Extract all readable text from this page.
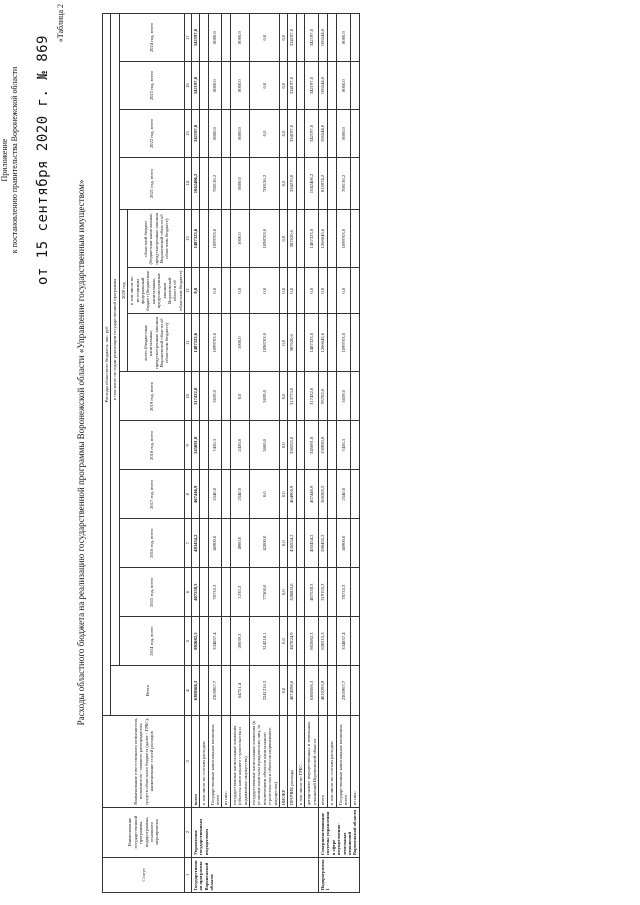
Приложение к постановлению правительства Воронежской области от 15 сентября 2020 г. № 869
«Таблица 2
Расходы областного бюджета на реализацию государственной программы Воронежской области «Управление государственным имуществом»
Статус	Наименование государственной программы, подпрограммы, основного мероприятия	Наименование ответственного исполнителя, исполнителя - главного распорядителя средств областного бюджета (далее - ГРБС), наименование статей расходов	Расходы областного бюджета, тыс. руб													
			Всего	в том числе по годам реализации государственной программы												
				2014 год, всего	2015 год, всего	2016 год, всего	2017 год, всего	2018 год, всего	2019 год, всего	2020 год			2021 год, всего	2022 год, всего	2023 год, всего	2024 год, всего
										всего (бюджетные капитальные, предусмотренные законом Воронежской области об областном бюджете)	в том числе по источникам федеральный бюджет (бюджетные капитальные, предусмотренные законом Воронежской области об областном бюджете)	областной бюджет (бюджетные капитальные, предусмотренные законом Воронежской области об областном бюджете)				
1	2	3	4	5	6	7	8	9	10	11	12	13	14	15	16	17
Государственная программа Воронежской области	Управление государственным имуществом	всего	6380566,3	802682,3	407538,3	483454,2	467446,9	345691,8	317432,0	1487323,6	0,0	1487323,6	1042406,2	342197,0	342197,0	342197,0
		в том числе по статьям расходов:														
		Государственные капитальные вложения, всего	2305967,7	334857,4	78735,3	46900,0	2540,0	7436,3	3659,0	1099703,0	0,0	1099703,0	708136,2	8000,0	8000,0	8000,0
		из них:														
		государственные капитальные вложения (объекты капитального строительства и недвижимое имущество)	64751,4	20639,3	1235,3	4900,0	2540,0	2436,8	0,0	1000,0	0,0	1000,0	8000,0	8000,0	8000,0	8000,0
		государственные капитальные вложения (в уставные капиталы юридических лиц, за исключением объектов капитального строительства и объектов недвижимого имущества)	2241216,3	314218,1	77500,0	42000,0	0,0	5000,0	3659,0	1098703,0	0,0	1098703,0	700136,2	0,0	0,0	0,0
		НИОКР	0,0	0,0	0,0	0,0	0,0	0,0	0,0	0,0	0,0	0,0	0,0	0,0	0,0	0,0
		ПРОЧИЕ расходы	4074598,6	467824,9	328803,0	436554,2	464906,9	338255,0	313773,0	387620,6	0,0	387620,6	334270,0	334197,0	334197,0	334197,0
		в том числе по ГРБС:														
		департамент имущественных и земельных отношений Воронежской области	6380566,3	802682,3	407538,3	483454,2	467446,9	345691,8	317432,0	1487323,6	0,0	1487323,6	1042406,2	342197,0	342197,0	342197,0
Подпрограмма 1	Совершенствование системы управления в сфере имущественно-земельных отношений Воронежской области	всего	4010293,9	630315,3	219155,3	288455,2	266385,5	150920,8	93702,0	1266645,6	0,0	1266645,6	815974,2	106544,0	106544,0	106544,0
		в том числе по статьям расходов:														
		Государственные капитальные вложения, всего	2305967,7	334857,4	78735,3	46900,0	2540,0	7436,3	3659,0	1099703,0	0,0	1099703,0	708136,2	8000,0	8000,0	8000,0
		из них:														
